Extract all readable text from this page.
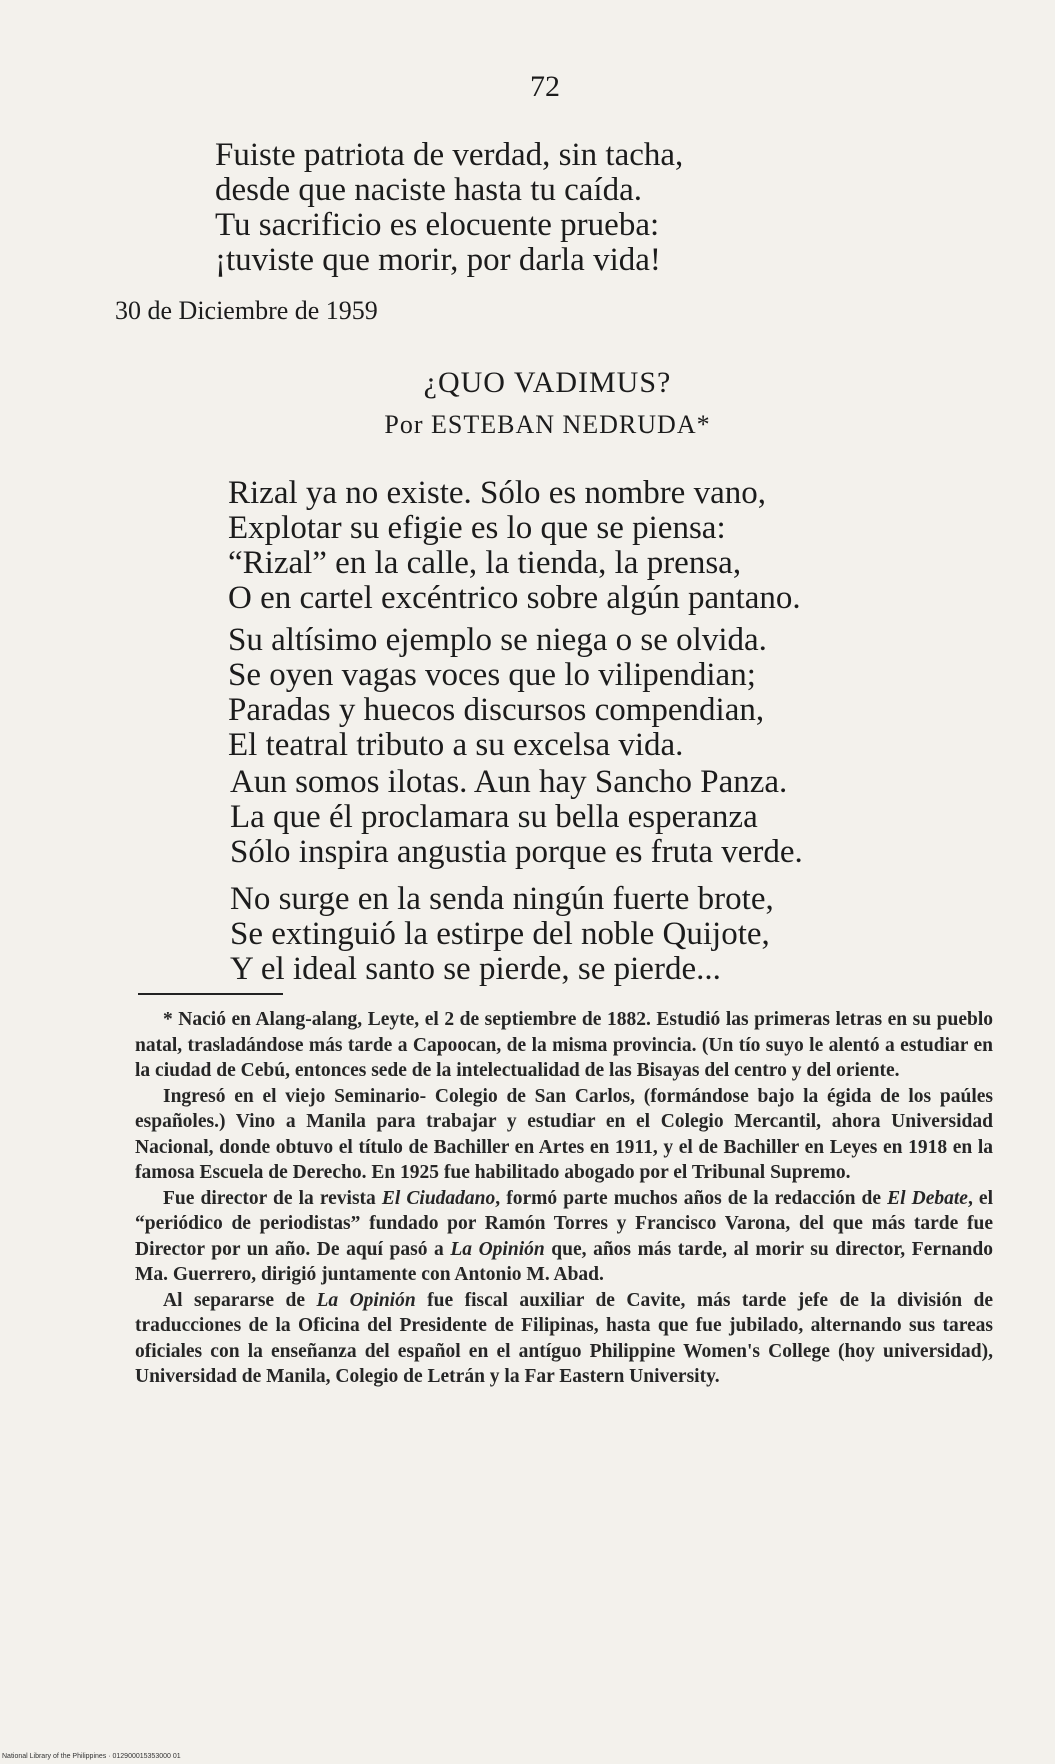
72
Fuiste patriota de verdad, sin tacha,
desde que naciste hasta tu caída.
Tu sacrificio es elocuente prueba:
¡tuviste que morir, por darla vida!
30 de Diciembre de 1959
¿QUO VADIMUS?
Por ESTEBAN NEDRUDA*
Rizal ya no existe. Sólo es nombre vano,
Explotar su efigie es lo que se piensa:
“Rizal” en la calle, la tienda, la prensa,
O en cartel excéntrico sobre algún pantano.
Su altísimo ejemplo se niega o se olvida.
Se oyen vagas voces que lo vilipendian;
Paradas y huecos discursos compendian,
El teatral tributo a su excelsa vida.
Aun somos ilotas. Aun hay Sancho Panza.
La que él proclamara su bella esperanza
Sólo inspira angustia porque es fruta verde.
No surge en la senda ningún fuerte brote,
Se extinguió la estirpe del noble Quijote,
Y el ideal santo se pierde, se pierde...

* Nació en Alang-alang, Leyte, el 2 de septiembre de 1882. Estudió las primeras letras en su pueblo natal, trasladándose más tarde a Capoocan, de la misma provincia. (Un tío suyo le alentó a estudiar en la ciudad de Cebú, entonces sede de la intelectualidad de las Bisayas del centro y del oriente.

Ingresó en el viejo Seminario- Colegio de San Carlos, (formándose bajo la égida de los paúles españoles.) Vino a Manila para trabajar y estudiar en el Colegio Mercantil, ahora Universidad Nacional, donde obtuvo el título de Bachiller en Artes en 1911, y el de Bachiller en Leyes en 1918 en la famosa Escuela de Derecho. En 1925 fue habilitado abogado por el Tribunal Supremo.

Fue director de la revista El Ciudadano, formó parte muchos años de la redacción de El Debate, el “periódico de periodistas” fundado por Ramón Torres y Francisco Varona, del que más tarde fue Director por un año. De aquí pasó a La Opinión que, años más tarde, al morir su director, Fernando Ma. Guerrero, dirigió juntamente con Antonio M. Abad.

Al separarse de La Opinión fue fiscal auxiliar de Cavite, más tarde jefe de la división de traducciones de la Oficina del Presidente de Filipinas, hasta que fue jubilado, alternando sus tareas oficiales con la enseñanza del español en el antíguo Philippine Women's College (hoy universidad), Universidad de Manila, Colegio de Letrán y la Far Eastern University.

National Library of the Philippines · 012900015353000 01
